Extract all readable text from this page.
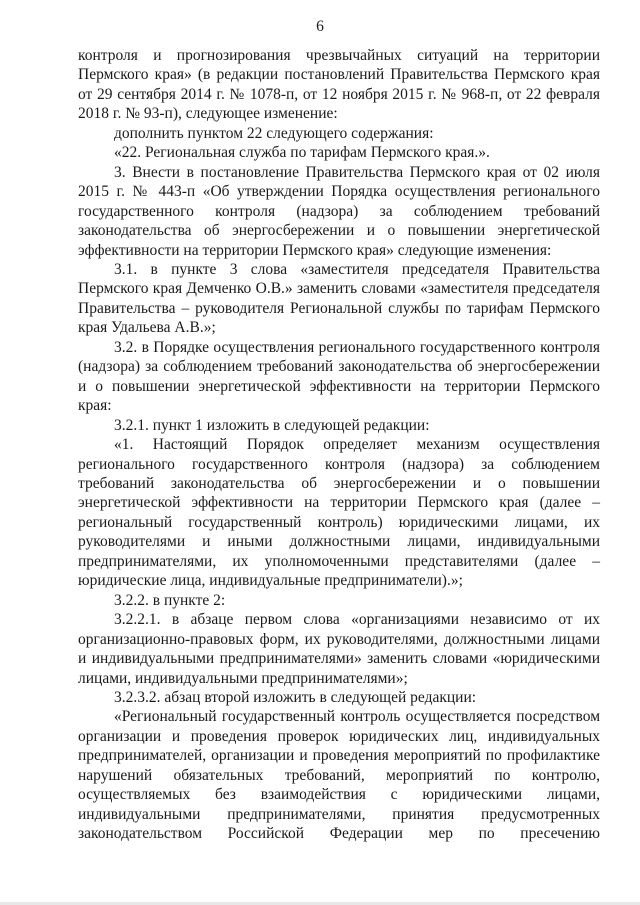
6

контроля и прогнозирования чрезвычайных ситуаций на территории Пермского края» (в редакции постановлений Правительства Пермского края от 29 сентября 2014 г. № 1078-п, от 12 ноября 2015 г. № 968-п, от 22 февраля 2018 г. № 93-п), следующее изменение:

дополнить пунктом 22 следующего содержания:

«22. Региональная служба по тарифам Пермского края.».

3. Внести в постановление Правительства Пермского края от 02 июля 2015 г. № 443-п «Об утверждении Порядка осуществления регионального государственного контроля (надзора) за соблюдением требований законодательства об энергосбережении и о повышении энергетической эффективности на территории Пермского края» следующие изменения:

3.1. в пункте 3 слова «заместителя председателя Правительства Пермского края Демченко О.В.» заменить словами «заместителя председателя Правительства – руководителя Региональной службы по тарифам Пермского края Удальева А.В.»;

3.2. в Порядке осуществления регионального государственного контроля (надзора) за соблюдением требований законодательства об энергосбережении и о повышении энергетической эффективности на территории Пермского края:

3.2.1. пункт 1 изложить в следующей редакции:

«1. Настоящий Порядок определяет механизм осуществления регионального государственного контроля (надзора) за соблюдением требований законодательства об энергосбережении и о повышении энергетической эффективности на территории Пермского края (далее – региональный государственный контроль) юридическими лицами, их руководителями и иными должностными лицами, индивидуальными предпринимателями, их уполномоченными представителями (далее – юридические лица, индивидуальные предприниматели).»;

3.2.2. в пункте 2:

3.2.2.1. в абзаце первом слова «организациями независимо от их организационно-правовых форм, их руководителями, должностными лицами и индивидуальными предпринимателями» заменить словами «юридическими лицами, индивидуальными предпринимателями»;

3.2.3.2. абзац второй изложить в следующей редакции:

«Региональный государственный контроль осуществляется посредством организации и проведения проверок юридических лиц, индивидуальных предпринимателей, организации и проведения мероприятий по профилактике нарушений обязательных требований, мероприятий по контролю, осуществляемых без взаимодействия с юридическими лицами, индивидуальными предпринимателями, принятия предусмотренных законодательством Российской Федерации мер по пресечению
